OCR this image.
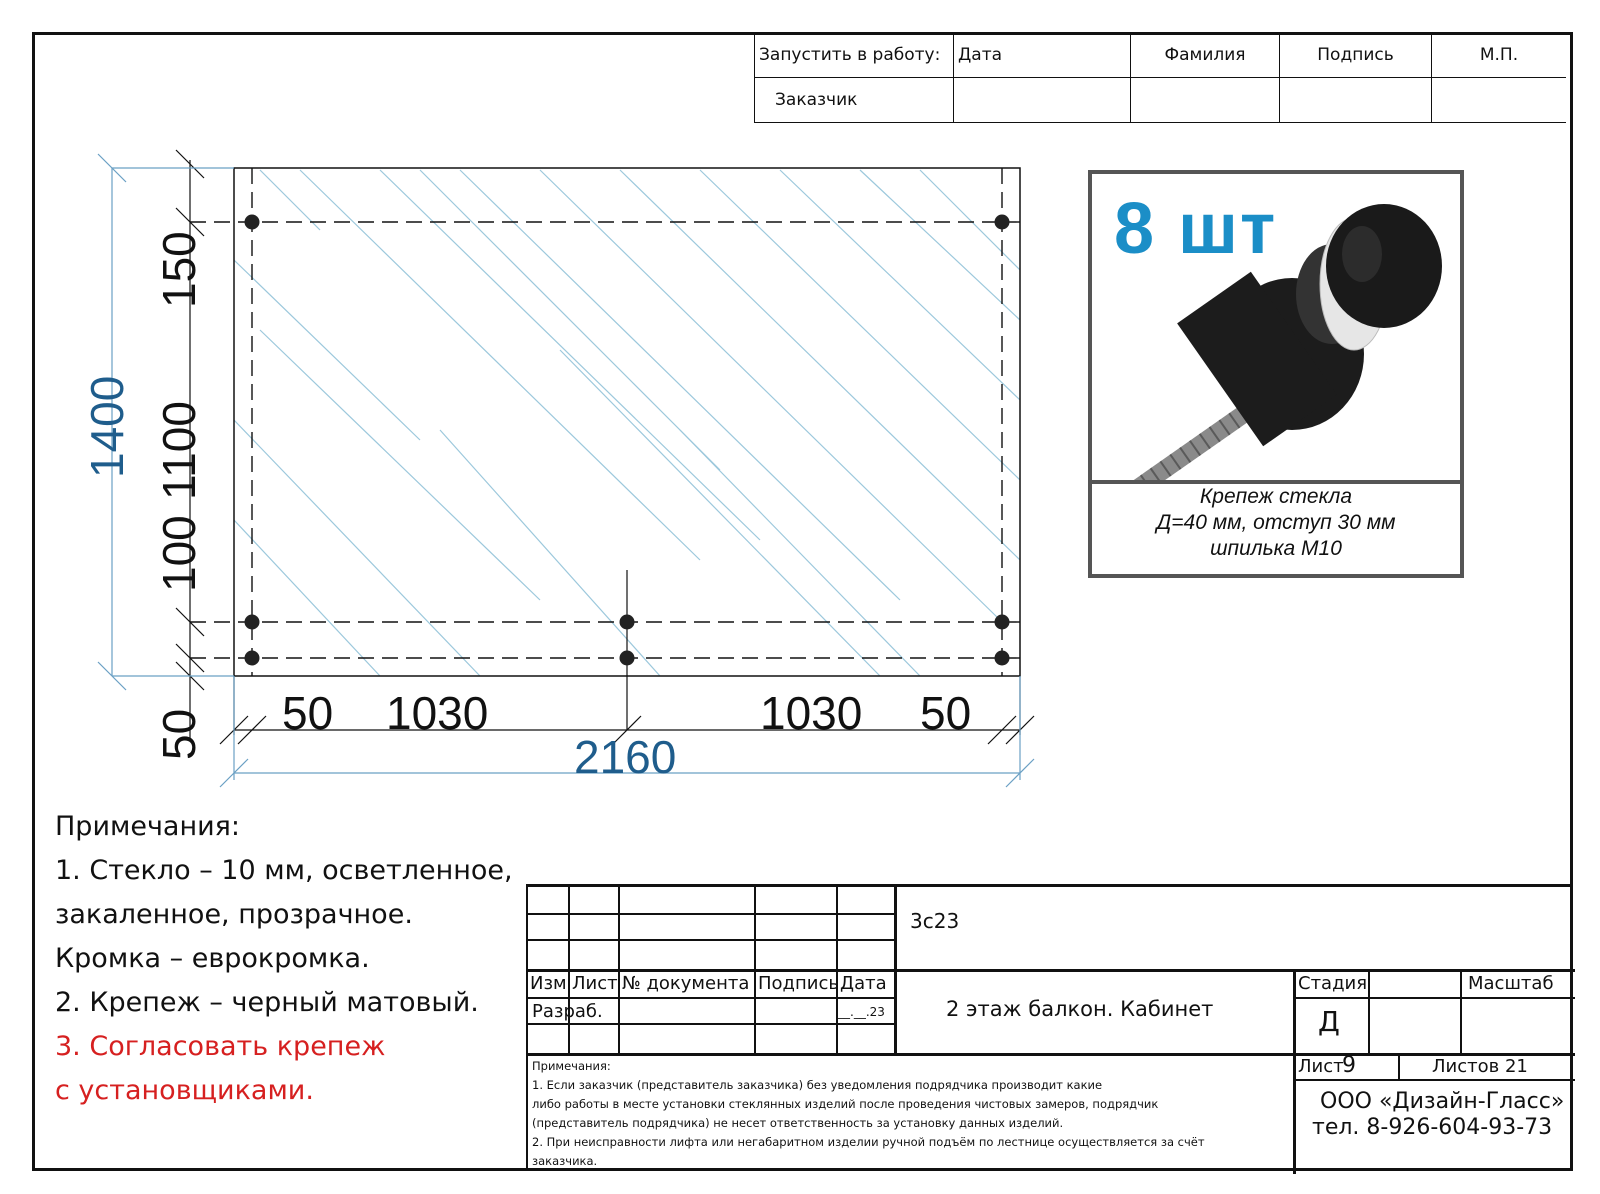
Запустить в работу:	Дата	Фамилия	Подпись	М.П.
Заказчик				
1400
150
1100
100
50 50 1030	1030 50
2160
8 шт
Крепеж стекла
Д=40 мм, отступ 30 мм
шпилька М10
Примечания:
1. Стекло – 10 мм, осветленное,
закаленное, прозрачное.
Кромка – еврокромка.
2. Крепеж – черный матовый.
3. Согласовать крепеж
с установщиками.
3с23
Изм Лист № документа Подпись Дата
Разраб.	__.__.23	2 этаж балкон. Кабинет
Стадия
Д
Масштаб
Лист
9	Листов 21
ООО «Дизайн-Гласс»
тел. 8-926-604-93-73
Примечания:
1. Если заказчик (представитель заказчика) без уведомления подрядчика производит какие
либо работы в месте установки стеклянных изделий после проведения чистовых замеров, подрядчик
(представитель подрядчика) не несет ответственность за установку данных изделий.
2. При неисправности лифта или негабаритном изделии ручной подъём по лестнице осуществляется за счёт
заказчика.
